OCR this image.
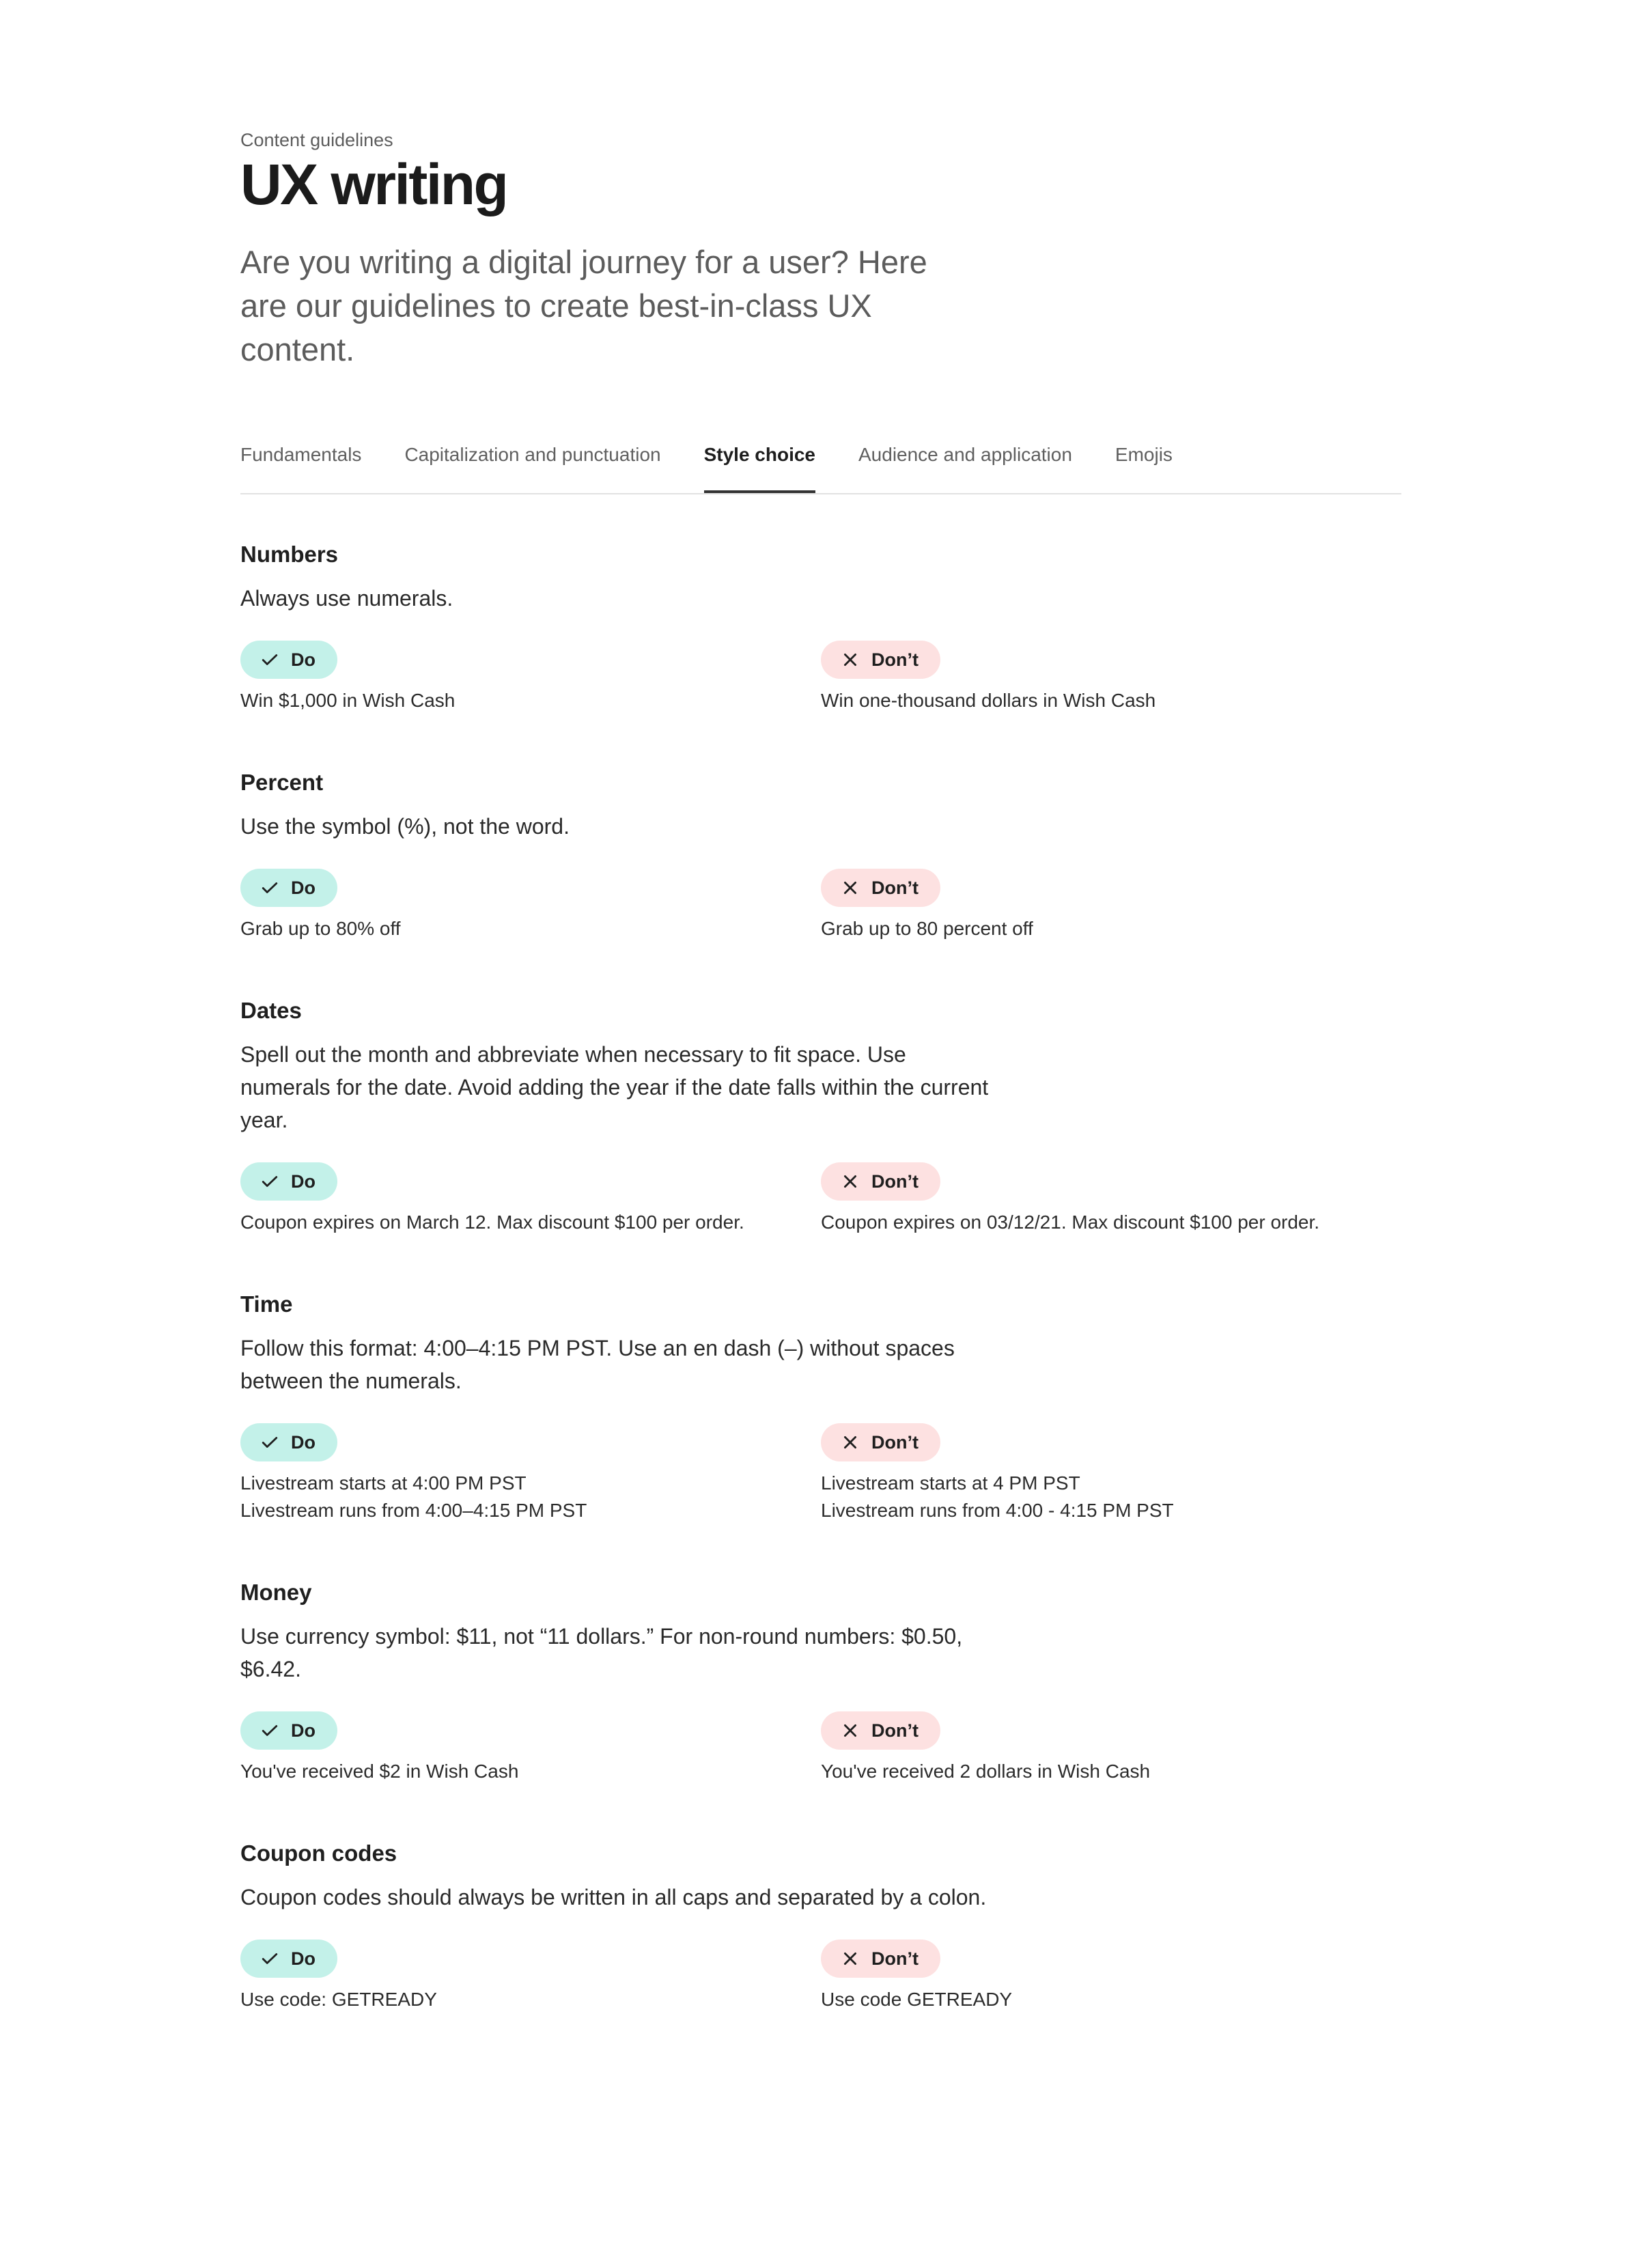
Content guidelines
UX writing

Are you writing a digital journey for a user? Here are our guidelines to create best-in-class UX content.

Fundamentals Capitalization and punctuation Style choice Audience and application Emojis
Numbers
Always use numerals.
Do
Win $1,000 in Wish Cash
Don’t
Win one-thousand dollars in Wish Cash
Percent
Use the symbol (%), not the word.
Do
Grab up to 80% off
Don’t
Grab up to 80 percent off
Dates
Spell out the month and abbreviate when necessary to fit space. Use numerals for the date. Avoid adding the year if the date falls within the current year.
Do
Coupon expires on March 12. Max discount $100 per order.
Don’t
Coupon expires on 03/12/21. Max discount $100 per order.
Time
Follow this format: 4:00–4:15 PM PST. Use an en dash (–) without spaces between the numerals.
Do
Livestream starts at 4:00 PM PST
Livestream runs from 4:00–4:15 PM PST
Don’t
Livestream starts at 4 PM PST
Livestream runs from 4:00 - 4:15 PM PST
Money
Use currency symbol: $11, not “11 dollars.” For non-round numbers: $0.50, $6.42.
Do
You've received $2 in Wish Cash
Don’t
You've received 2 dollars in Wish Cash
Coupon codes
Coupon codes should always be written in all caps and separated by a colon.
Do
Use code: GETREADY
Don’t
Use code GETREADY
